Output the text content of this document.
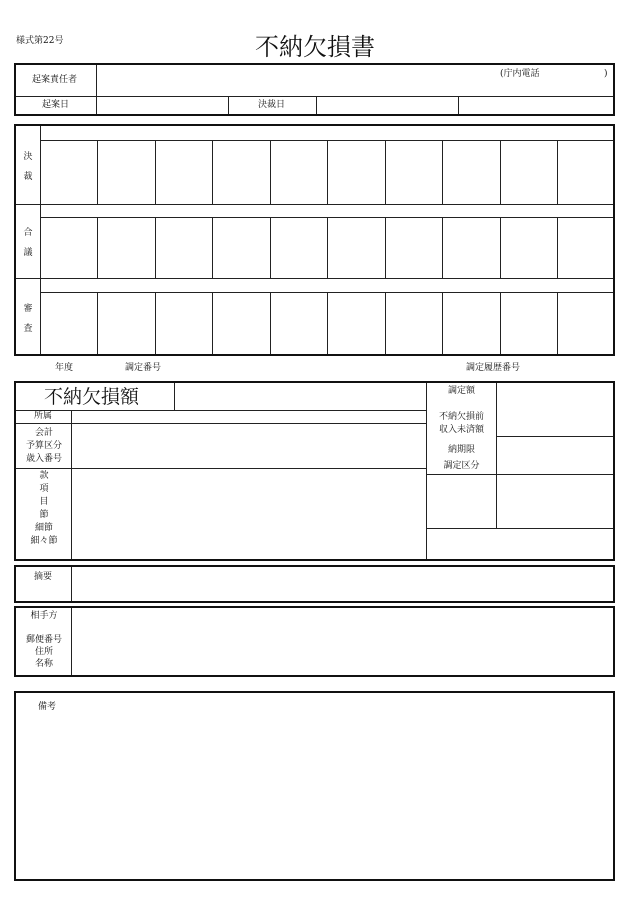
様式第22号	不納欠損書
起案責任者
(庁内電話	)
起案日	決裁日
決
裁
合
議
審
査
年度	調定番号	調定履歴番号
不納欠損額
所属
会計
予算区分
歳入番号
款
項
目
節
細節
細々節
調定額
不納欠損前
収入未済額
納期限
調定区分
摘要
相手方
郵便番号
住所
名称
備考
